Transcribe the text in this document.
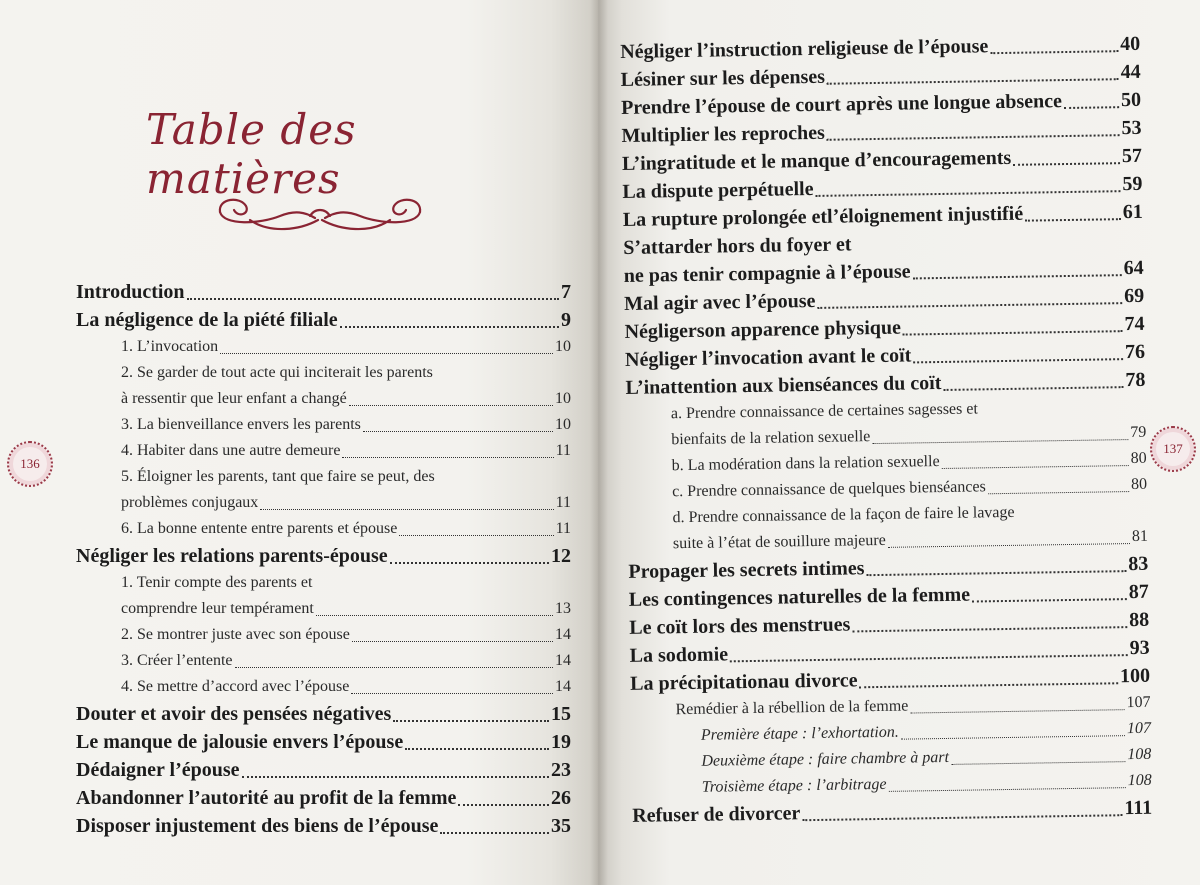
Table des matières
136
Introduction	7
La négligence de la piété filiale	9
1. L’invocation	10
2. Se garder de tout acte qui inciterait les parents
à ressentir que leur enfant a changé	10
3. La bienveillance envers les parents	10
4. Habiter dans une autre demeure	11
5. Éloigner les parents, tant que faire se peut, des
problèmes conjugaux	11
6. La bonne entente entre parents et épouse	11
Négliger les relations parents-épouse	12
1. Tenir compte des parents et
comprendre leur tempérament	13
2. Se montrer juste avec son épouse	14
3. Créer l’entente	14
4. Se mettre d’accord avec l’épouse	14
Douter et avoir des pensées négatives	15
Le manque de jalousie envers l’épouse	19
Dédaigner l’épouse	23
Abandonner l’autorité au profit de la femme	26
Disposer injustement des biens de l’épouse	35
137
Négliger l’instruction religieuse de l’épouse	40
Lésiner sur les dépenses	44
Prendre l’épouse de court après une longue absence	50
Multiplier les reproches	53
L’ingratitude et le manque d’encouragements	57
La dispute perpétuelle	59
La rupture prolongée etl’éloignement injustifié	61
S’attarder hors du foyer et
ne pas tenir compagnie à l’épouse	64
Mal agir avec l’épouse	69
Négligerson apparence physique	74
Négliger l’invocation avant le coït	76
L’inattention aux bienséances du coït	78
a. Prendre connaissance de certaines sagesses et
bienfaits de la relation sexuelle	79
b. La modération dans la relation sexuelle	80
c. Prendre connaissance de quelques bienséances	80
d. Prendre connaissance de la façon de faire le lavage
suite à l’état de souillure majeure	81
Propager les secrets intimes	83
Les contingences naturelles de la femme	87
Le coït lors des menstrues	88
La sodomie	93
La précipitationau divorce	100
Remédier à la rébellion de la femme	107
Première étape : l’exhortation.	107
Deuxième étape : faire chambre à part	108
Troisième étape : l’arbitrage	108
Refuser de divorcer	111
